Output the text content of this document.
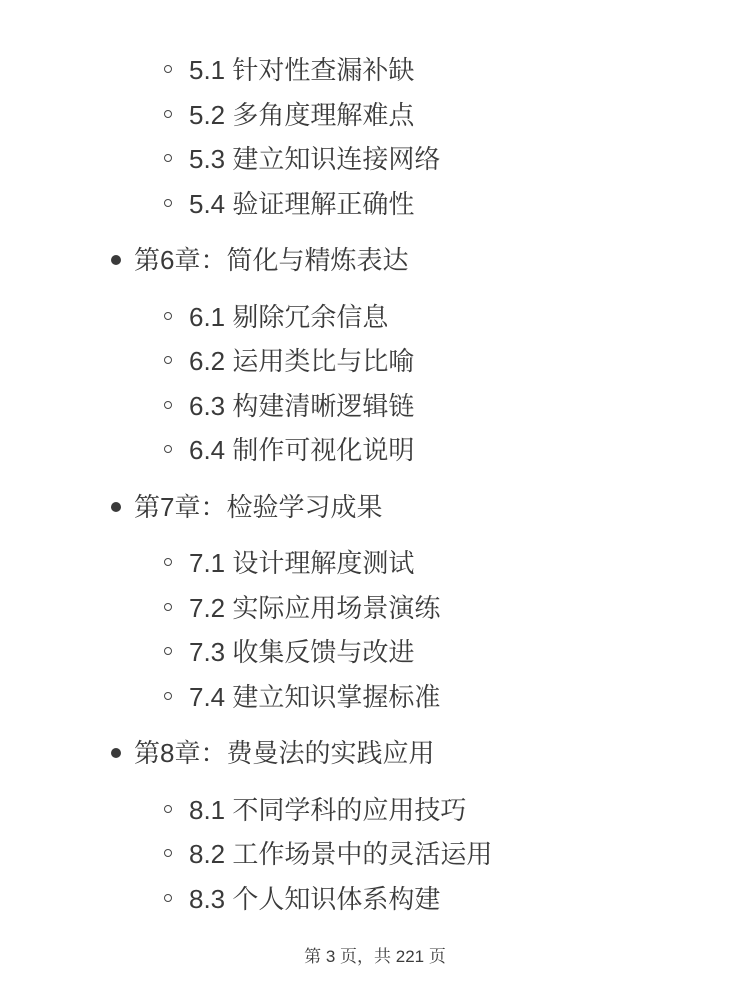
5.1 针对性查漏补缺
5.2 多角度理解难点
5.3 建立知识连接网络
5.4 验证理解正确性
第6章：简化与精炼表达
6.1 剔除冗余信息
6.2 运用类比与比喻
6.3 构建清晰逻辑链
6.4 制作可视化说明
第7章：检验学习成果
7.1 设计理解度测试
7.2 实际应用场景演练
7.3 收集反馈与改进
7.4 建立知识掌握标准
第8章：费曼法的实践应用
8.1 不同学科的应用技巧
8.2 工作场景中的灵活运用
8.3 个人知识体系构建
第 3 页，共 221 页
